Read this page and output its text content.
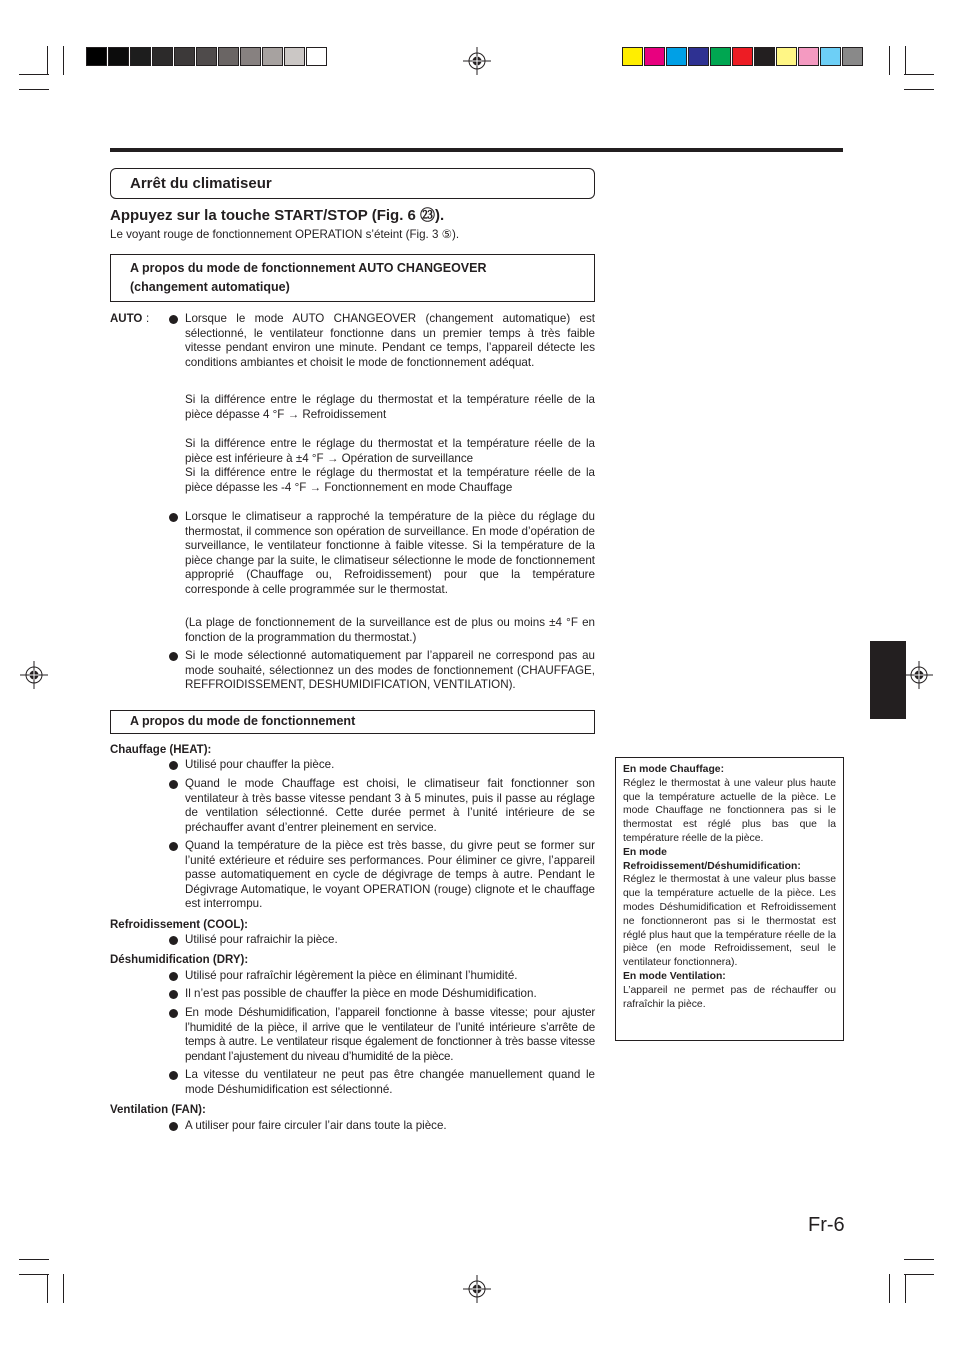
Arrêt du climatiseur
Appuyez sur la touche START/STOP (Fig. 6 ㉓).
Le voyant rouge de fonctionnement OPERATION s’éteint (Fig. 3 ⑤).
A propos du mode de fonctionnement AUTO CHANGEOVER
(changement automatique)
AUTO :	Lorsque le mode AUTO CHANGEOVER (changement automatique) est sélectionné, le ventilateur fonctionne dans un premier temps à très faible vitesse pendant environ une minute. Pendant ce temps, l’appareil détecte les conditions ambiantes et choisit le mode de fonctionnement adéquat.
Si la différence entre le réglage du thermostat et la température réelle de la pièce dépasse 4 °F → Refroidissement
Si la différence entre le réglage du thermostat et la température réelle de la pièce est inférieure à ±4 °F → Opération de surveillance
Si la différence entre le réglage du thermostat et la température réelle de la pièce dépasse les -4 °F → Fonctionnement en mode Chauffage
Lorsque le climatiseur a rapproché la température de la pièce du réglage du thermostat, il commence son opération de surveillance. En mode d’opération de surveillance, le ventilateur fonctionne à faible vitesse. Si la température de la pièce change par la suite, le climatiseur sélectionne le mode de fonctionnement approprié (Chauffage ou, Refroidissement) pour que la température corresponde à celle programmée sur le thermostat.
(La plage de fonctionnement de la surveillance est de plus ou moins ±4 °F en fonction de la programmation du thermostat.)
Si le mode sélectionné automatiquement par l’appareil ne correspond pas au mode souhaité, sélectionnez un des modes de fonctionnement (CHAUFFAGE, REFFROIDISSEMENT, DESHUMIDIFICATION, VENTILATION).
A propos du mode de fonctionnement
Chauffage (HEAT):
Utilisé pour chauffer la pièce.
Quand le mode Chauffage est choisi, le climatiseur fait fonctionner son ventilateur à très basse vitesse pendant 3 à 5 minutes, puis il passe au réglage de ventilation sélectionné. Cette durée permet à l’unité intérieure de se préchauffer avant d’entrer pleinement en service.
Quand la température de la pièce est très basse, du givre peut se former sur l’unité extérieure et réduire ses performances. Pour éliminer ce givre, l’appareil passe automatiquement en cycle de dégivrage de temps à autre. Pendant le Dégivrage Automatique, le voyant OPERATION (rouge) clignote et le chauffage est interrompu.
Refroidissement (COOL):
Utilisé pour rafraichir la pièce.
Déshumidification (DRY):
Utilisé pour rafraîchir légèrement la pièce en éliminant l’humidité.
Il n’est pas possible de chauffer la pièce en mode Déshumidification.
En mode Déshumidification, l’appareil fonctionne à basse vitesse; pour ajuster l’humidité de la pièce, il arrive que le ventilateur de l’unité intérieure s’arrête de temps à autre. Le ventilateur risque également de fonctionner à très basse vitesse pendant l’ajustement du niveau d’humidité de la pièce.
La vitesse du ventilateur ne peut pas être changée manuellement quand le mode Déshumidification est sélectionné.
Ventilation (FAN):
A utiliser pour faire circuler l’air dans toute la pièce.
En mode Chauffage:
Réglez le thermostat à une valeur plus haute que la température actuelle de la pièce. Le mode Chauffage ne fonctionnera pas si le thermostat est réglé plus bas que la température réelle de la pièce.
En mode Refroidissement/Déshumidification:
Réglez le thermostat à une valeur plus basse que la température actuelle de la pièce. Les modes Déshumidification et Refroidissement ne fonctionneront pas si le thermostat est réglé plus haut que la température réelle de la pièce (en mode Refroidissement, seul le ventilateur fonctionnera).
En mode Ventilation:
L’appareil ne permet pas de réchauffer ou rafraîchir la pièce.
Fr-6
